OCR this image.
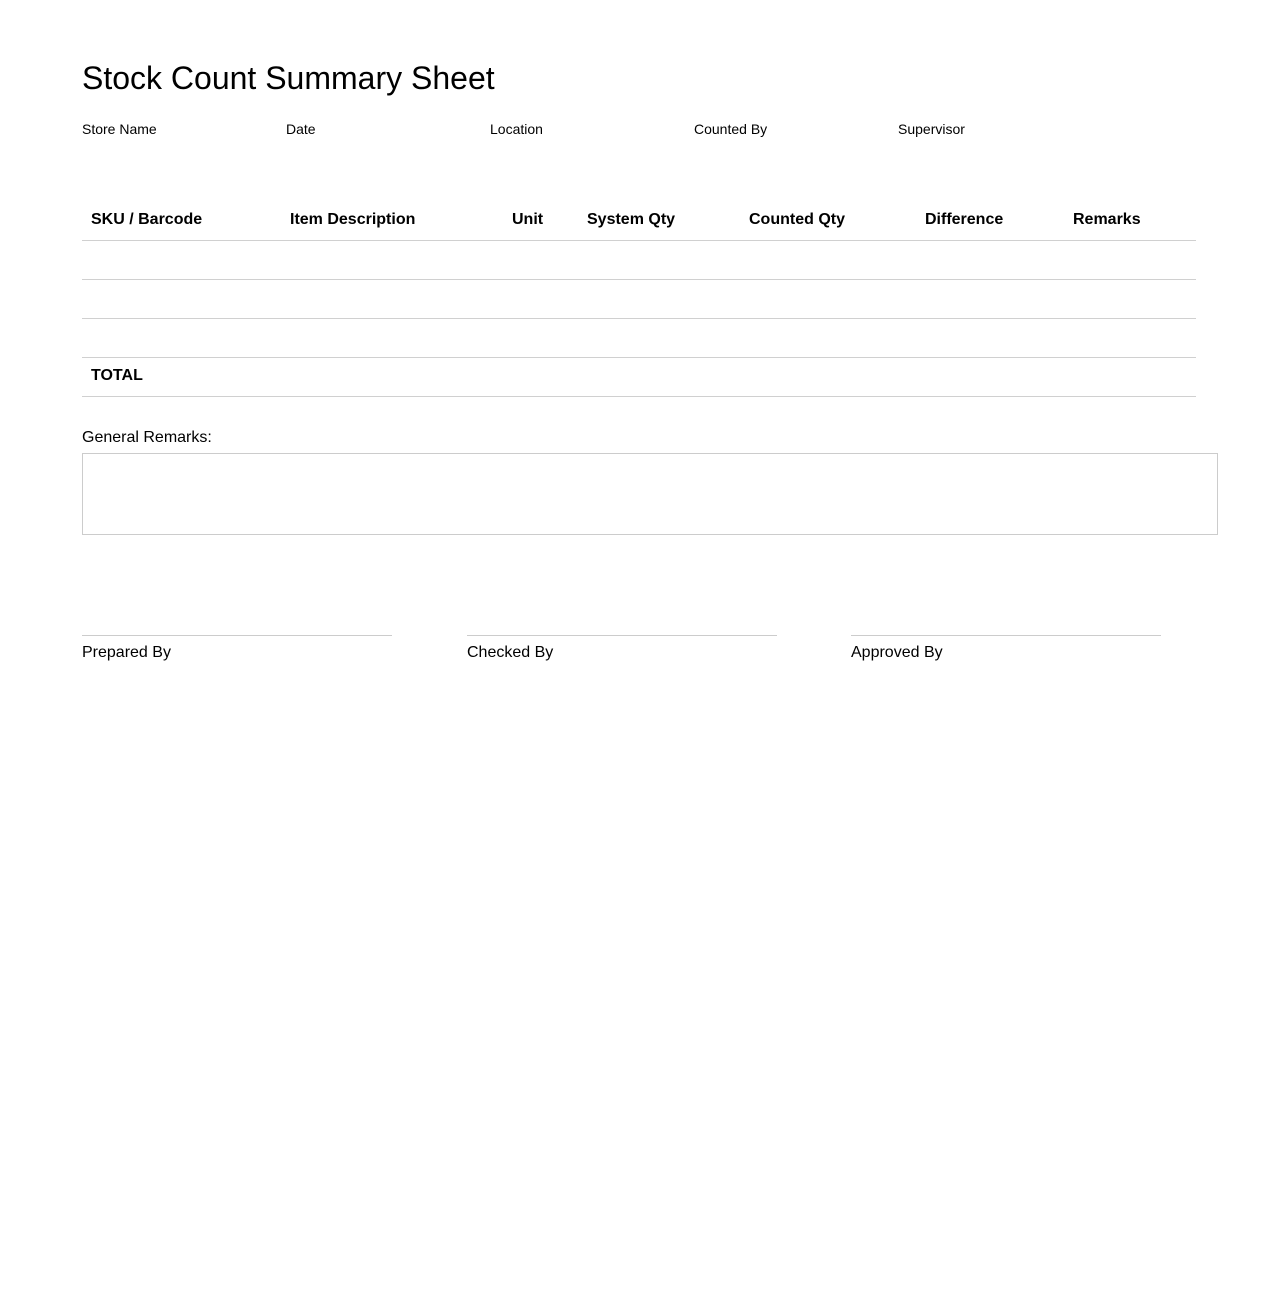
Stock Count Summary Sheet
Store Name	Date	Location	Counted By	Supervisor
SKU / Barcode	Item Description	Unit	System Qty	Counted Qty	Difference	Remarks
TOTAL
General Remarks:
Prepared By	Checked By	Approved By
